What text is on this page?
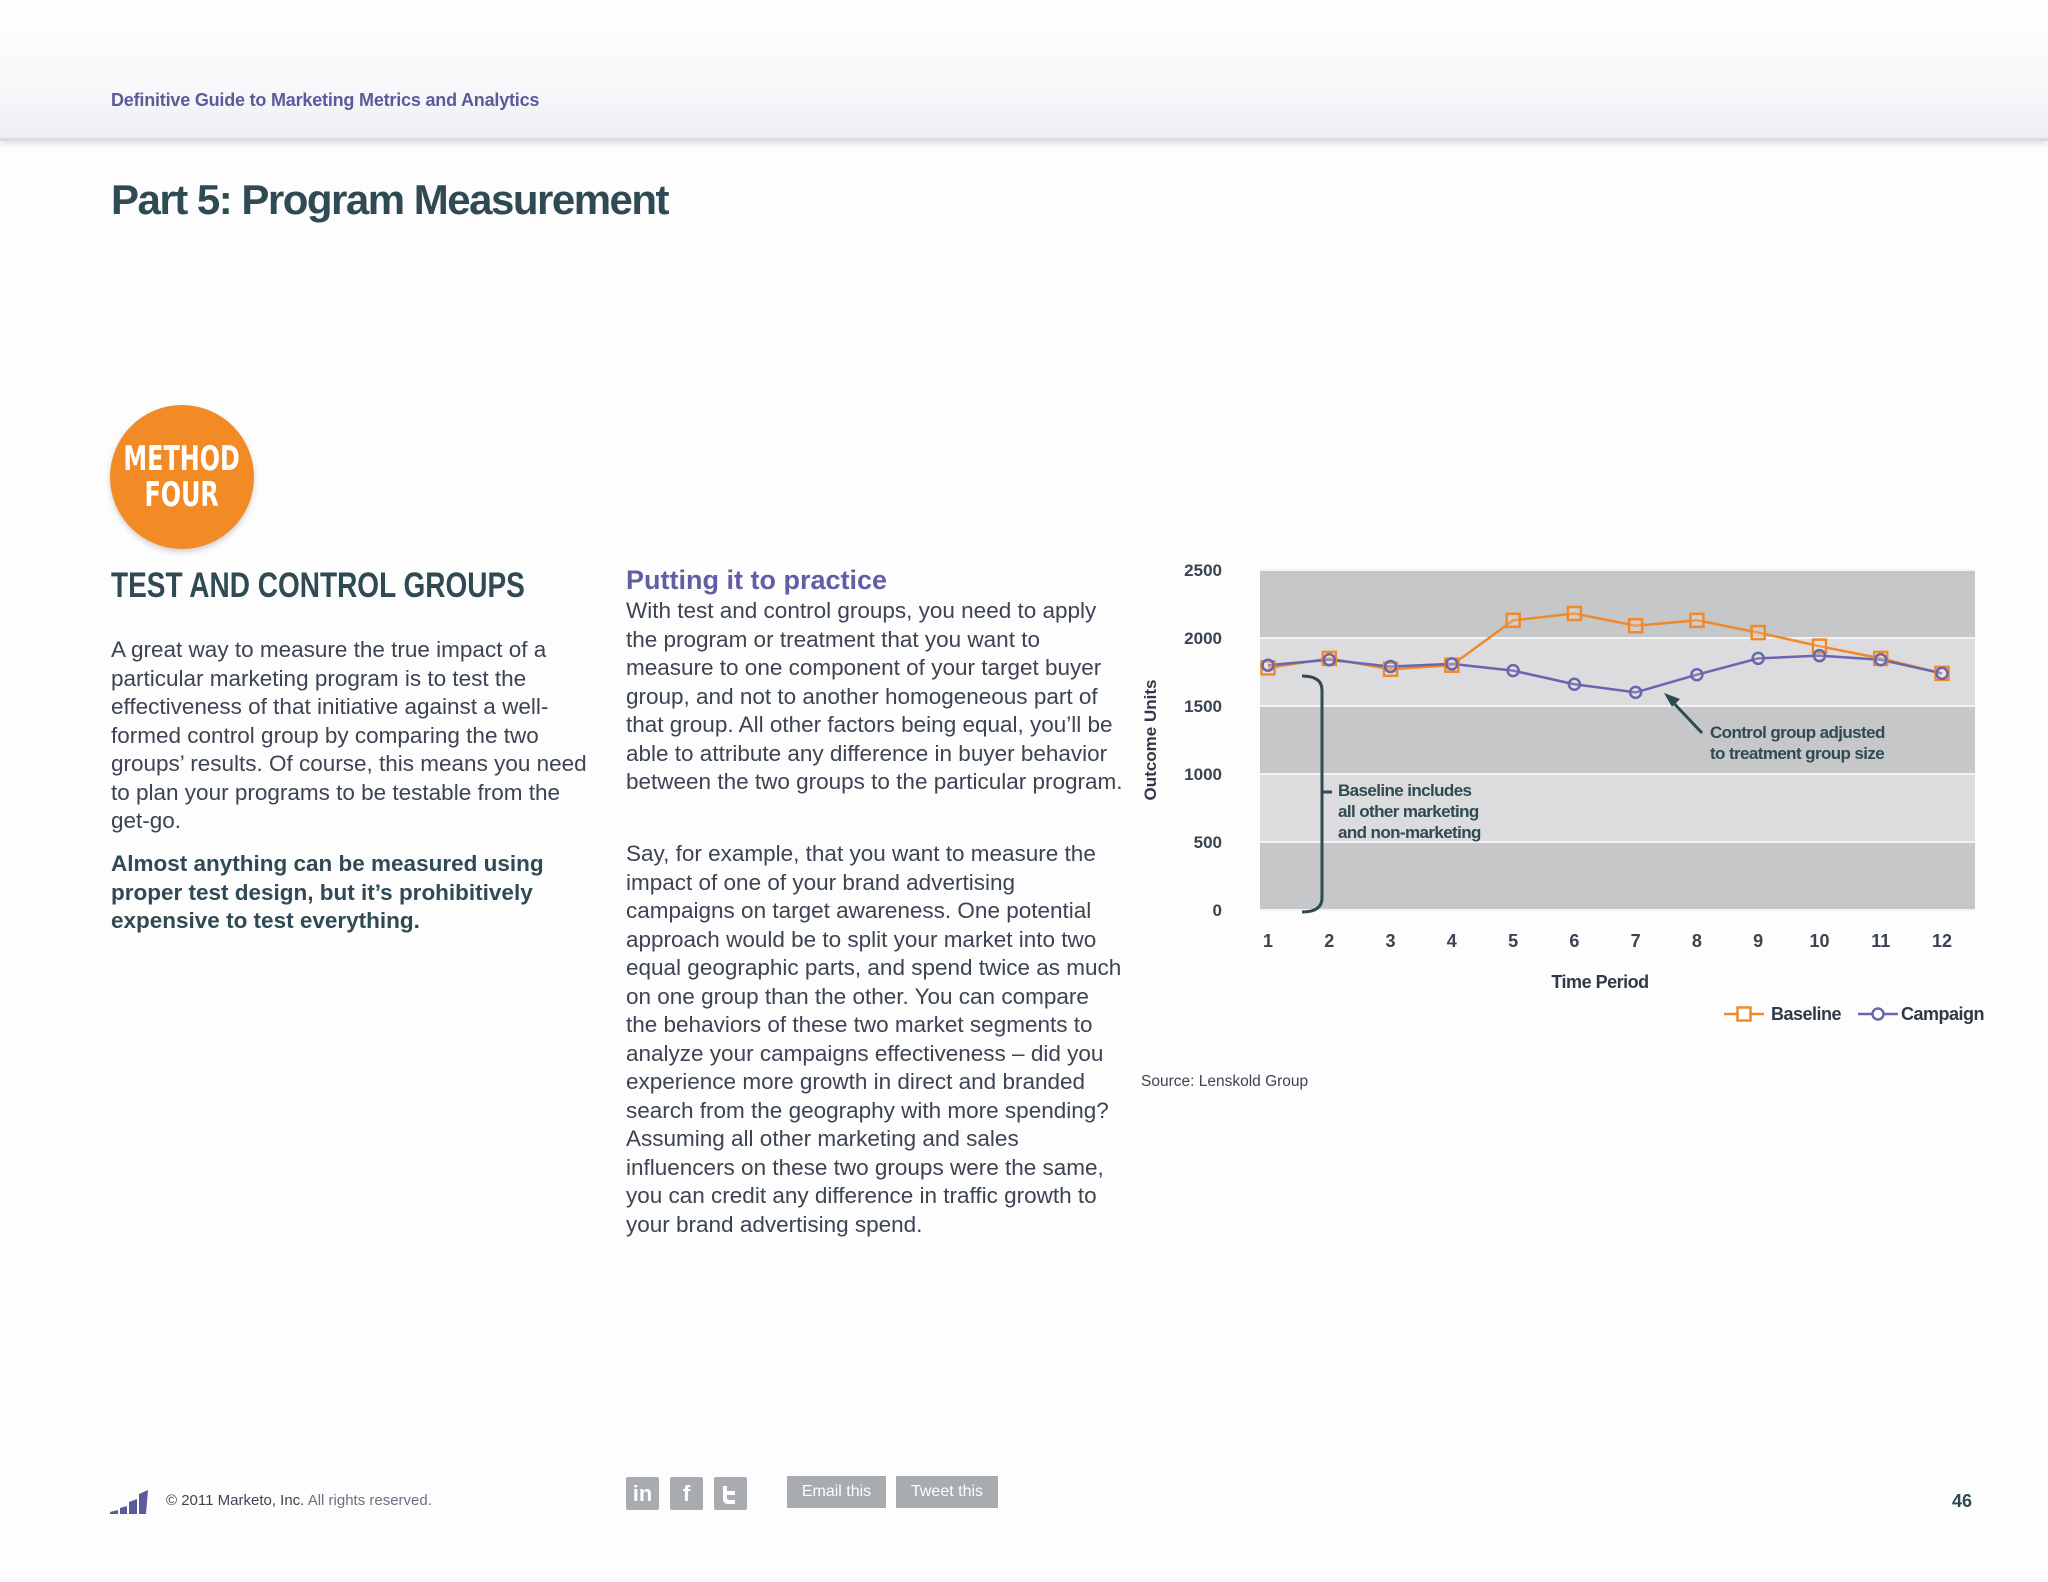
Definitive Guide to Marketing Metrics and Analytics
Part 5: Program Measurement
METHOD
FOUR
TEST AND CONTROL GROUPS

A great way to measure the true impact of a particular marketing program is to test the effectiveness of that initiative against a well-formed control group by comparing the two groups’ results. Of course, this means you need to plan your programs to be testable from the get-go.

Almost anything can be measured using proper test design, but it’s prohibitively expensive to test everything.

Putting it to practice

With test and control groups, you need to apply the program or treatment that you want to measure to one component of your target buyer group, and not to another homogeneous part of that group. All other factors being equal, you’ll be able to attribute any difference in buyer behavior between the two groups to the particular program.

Say, for example, that you want to measure the impact of one of your brand advertising campaigns on target awareness. One potential approach would be to split your market into two equal geographic parts, and spend twice as much on one group than the other. You can compare the behaviors of these two market segments to analyze your campaigns effectiveness – did you experience more growth in direct and branded search from the geography with more spending? Assuming all other marketing and sales influencers on these two groups were the same, you can credit any difference in traffic growth to your brand advertising spend.

0
500
1000
1500
2000
2500
1	2	3	4	5	6	7	8	9	10 11 12
Time Period
Outcome Units	Baseline includes
all other marketing
and non-marketing
Control group adjusted
to treatment group size
Baseline	Campaign
Source: Lenskold Group
© 2011 Marketo, Inc. All rights reserved.	in f	Email this	Tweet this	46
